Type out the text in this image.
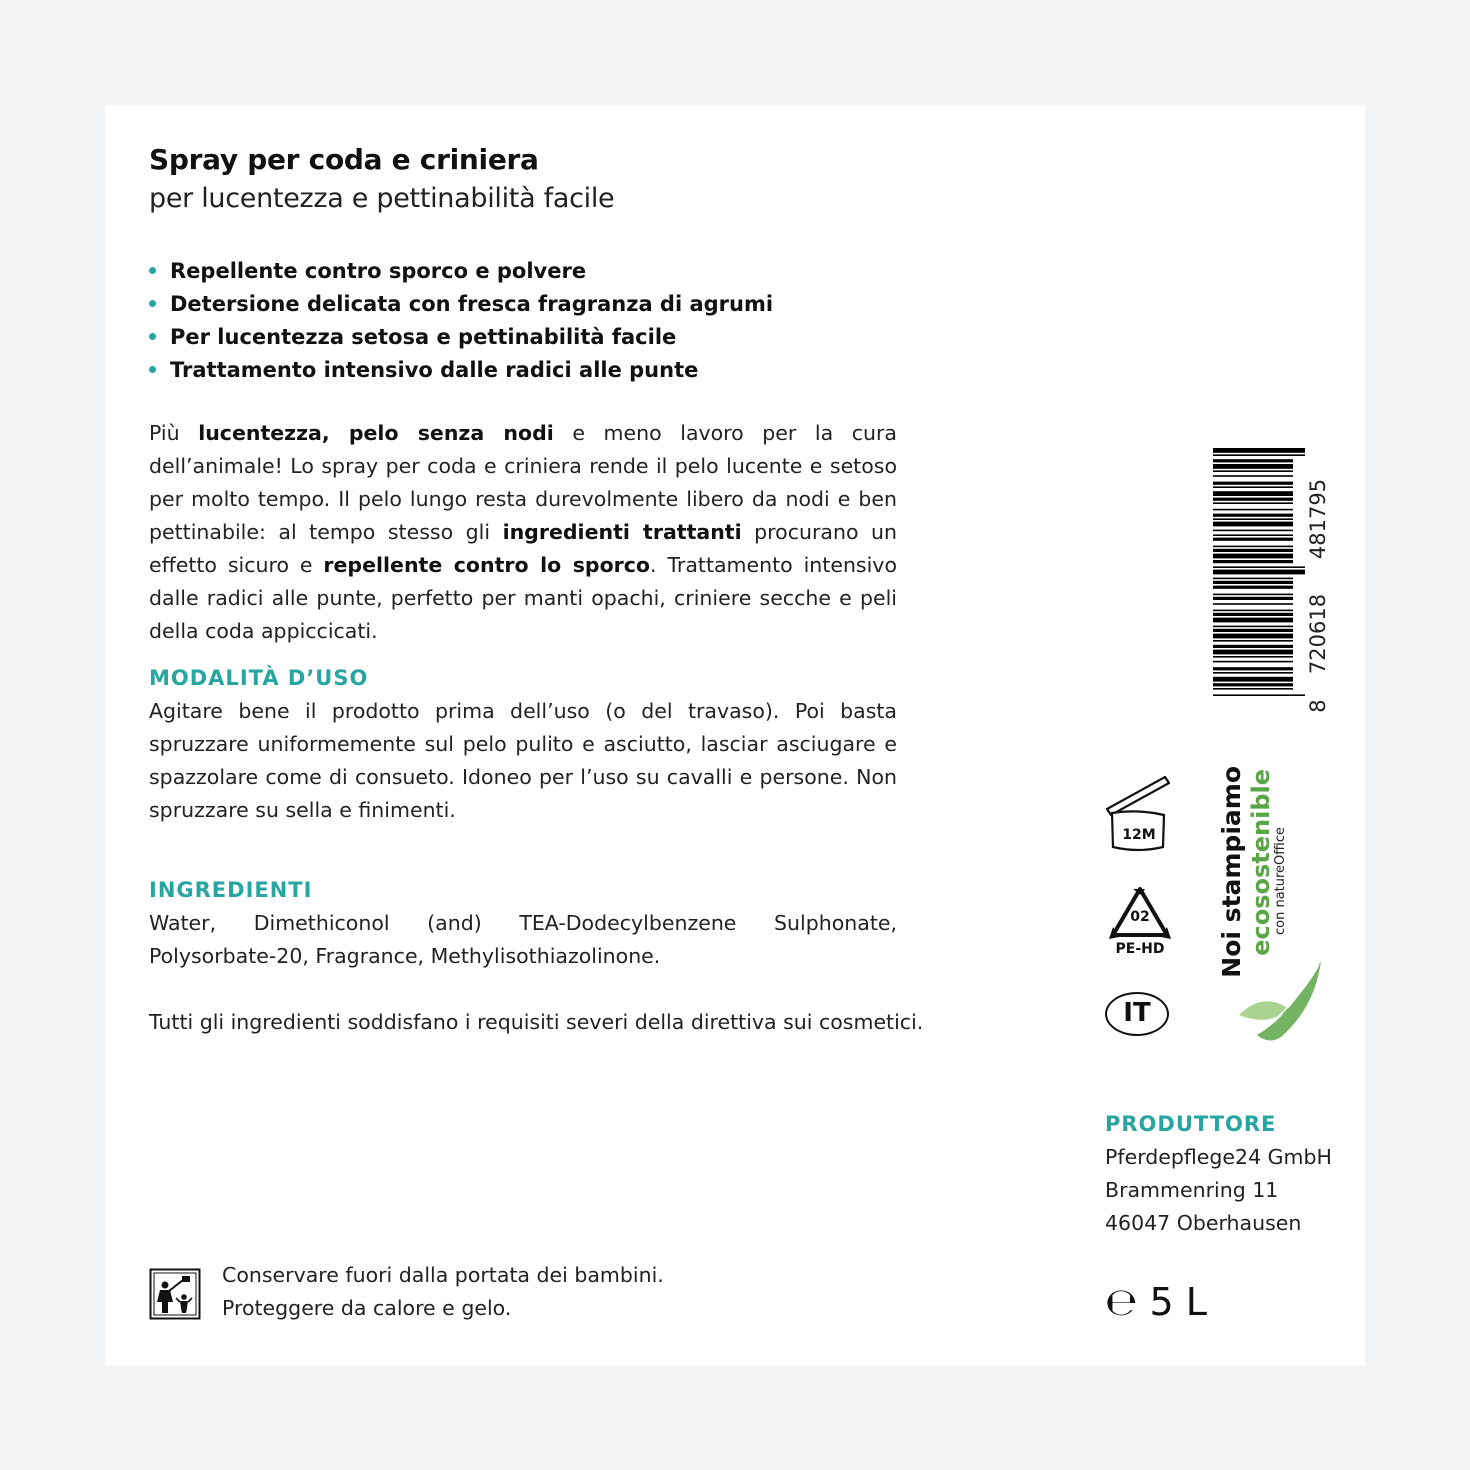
Spray per coda e criniera
per lucentezza e pettinabilità facile
Repellente contro sporco e polvere
Detersione delicata con fresca fragranza di agrumi
Per lucentezza setosa e pettinabilità facile
Trattamento intensivo dalle radici alle punte
Più lucentezza, pelo senza nodi e meno lavoro per la cura dell’animale! Lo spray per coda e criniera rende il pelo lucente e setoso per molto tempo. Il pelo lungo resta durevolmente libero da nodi e ben pettinabile: al tempo stesso gli ingredienti trattanti procurano un effetto sicuro e repellente contro lo sporco. Trattamento intensivo dalle radici alle punte, perfetto per manti opachi, criniere secche e peli della coda appiccicati.
MODALITÀ D’USO
Agitare bene il prodotto prima dell’uso (o del travaso). Poi basta spruzzare uniformemente sul pelo pulito e asciutto, lasciar asciugare e spazzolare come di consueto. Idoneo per l’uso su cavalli e persone. Non spruzzare su sella e finimenti.
INGREDIENTI
Water, Dimethiconol (and) TEA-Dodecylbenzene Sulphonate, Polysorbate-20, Fragrance, Methylisothiazolinone.
Tutti gli ingredienti soddisfano i requisiti severi della direttiva sui cosmetici.
Conservare fuori dalla portata dei bambini.
Proteggere da calore e gelo.
481795
720618
8
12M
02
PE-HD
IT
Noi stampiamo ecosostenible
con natureOffice
PRODUTTORE
Pferdepflege24 GmbH
Brammenring 11
46047 Oberhausen
℮ 5 L
